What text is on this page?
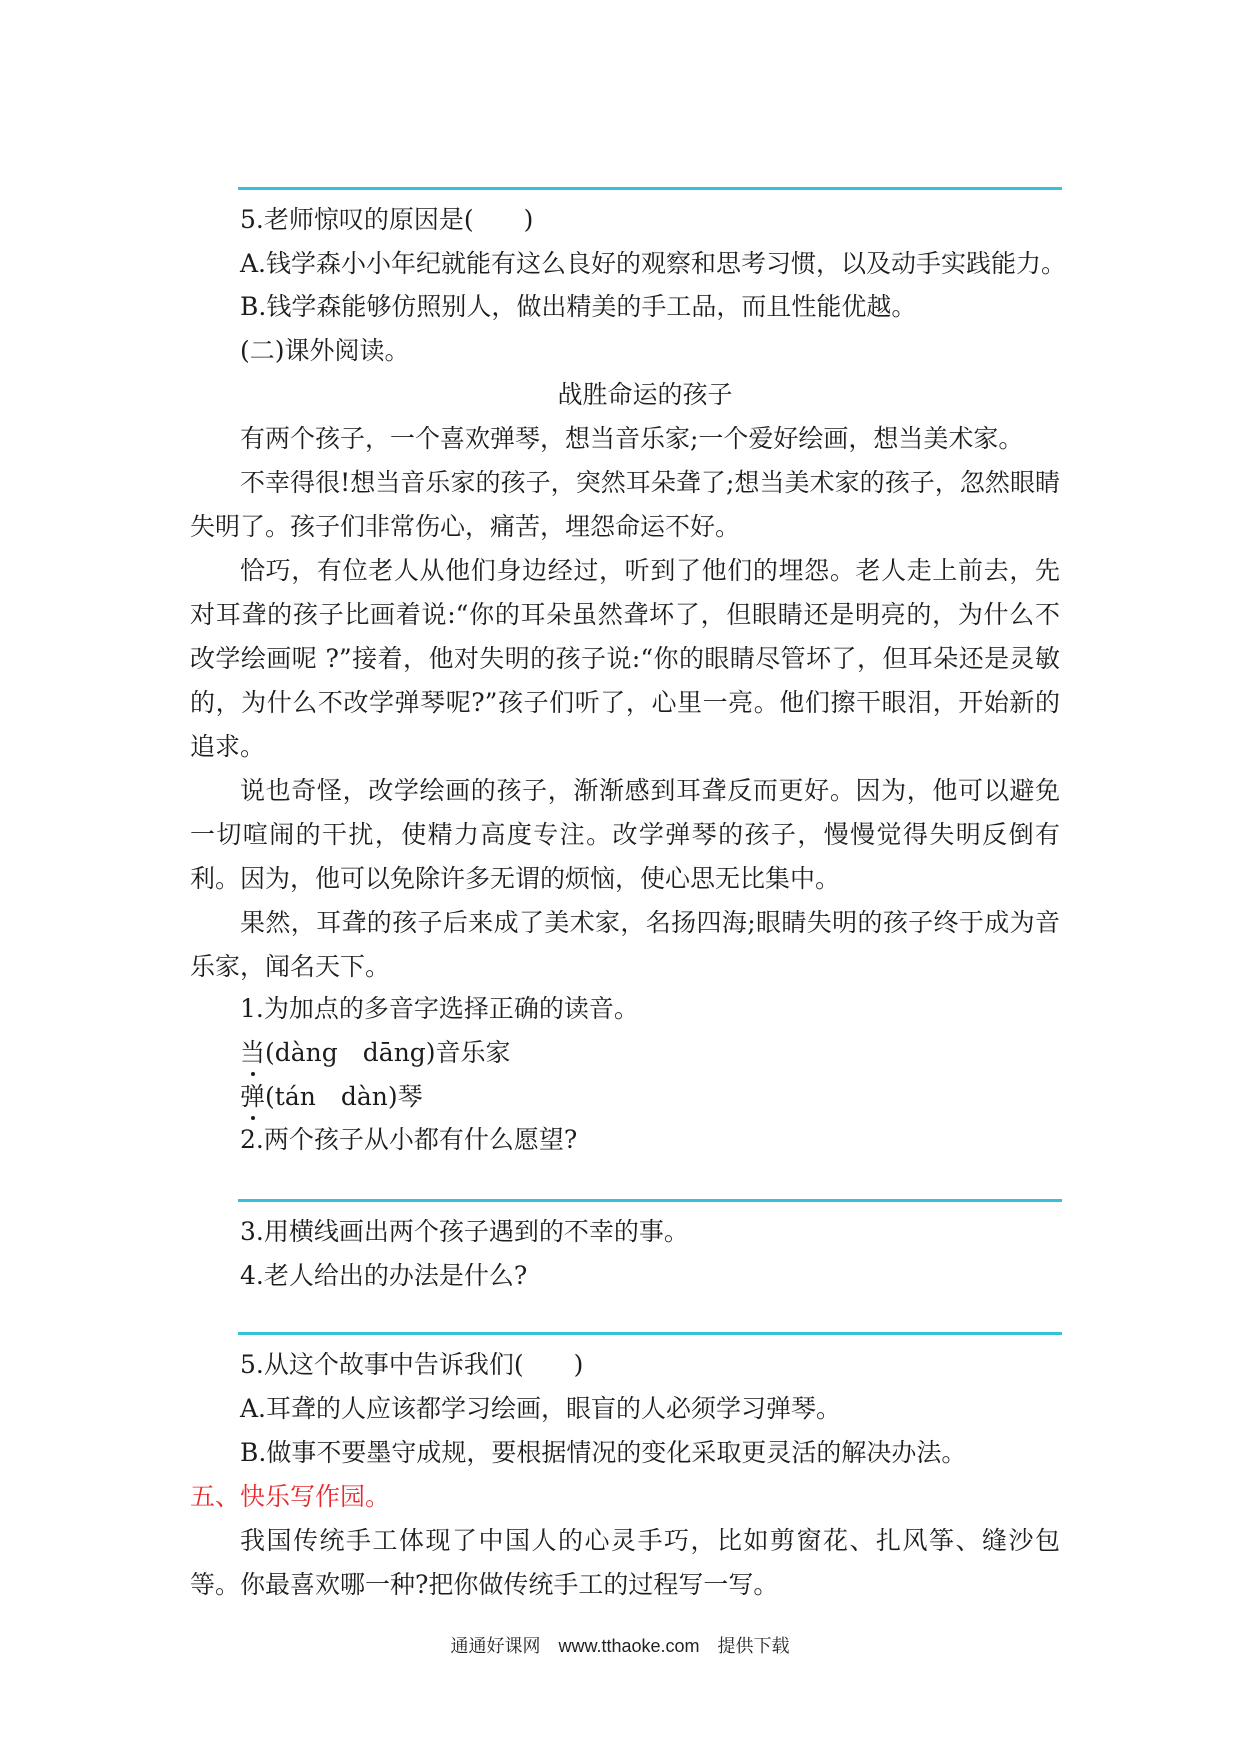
5.老师惊叹的原因是(　　)
A.钱学森小小年纪就能有这么良好的观察和思考习惯，以及动手实践能力。
B.钱学森能够仿照别人，做出精美的手工品，而且性能优越。
(二)课外阅读。
战胜命运的孩子
有两个孩子，一个喜欢弹琴，想当音乐家;一个爱好绘画，想当美术家。
不幸得很!想当音乐家的孩子，突然耳朵聋了;想当美术家的孩子，忽然眼睛失明了。孩子们非常伤心，痛苦，埋怨命运不好。
恰巧，有位老人从他们身边经过，听到了他们的埋怨。老人走上前去，先对耳聋的孩子比画着说:“你的耳朵虽然聋坏了，但眼睛还是明亮的，为什么不改学绘画呢 ?”接着，他对失明的孩子说:“你的眼睛尽管坏了，但耳朵还是灵敏的，为什么不改学弹琴呢?”孩子们听了，心里一亮。他们擦干眼泪，开始新的追求。
说也奇怪，改学绘画的孩子，渐渐感到耳聋反而更好。因为，他可以避免一切喧闹的干扰，使精力高度专注。改学弹琴的孩子，慢慢觉得失明反倒有利。因为，他可以免除许多无谓的烦恼，使心思无比集中。
果然，耳聋的孩子后来成了美术家，名扬四海;眼睛失明的孩子终于成为音乐家，闻名天下。
1.为加点的多音字选择正确的读音。
当(dàng　dāng)音乐家
弹(tán　dàn)琴
2.两个孩子从小都有什么愿望?
3.用横线画出两个孩子遇到的不幸的事。
4.老人给出的办法是什么?
5.从这个故事中告诉我们(　　)
A.耳聋的人应该都学习绘画，眼盲的人必须学习弹琴。
B.做事不要墨守成规，要根据情况的变化采取更灵活的解决办法。
五、快乐写作园。
我国传统手工体现了中国人的心灵手巧，比如剪窗花、扎风筝、缝沙包等。你最喜欢哪一种?把你做传统手工的过程写一写。
通通好课网　www.tthaoke.com　提供下载
